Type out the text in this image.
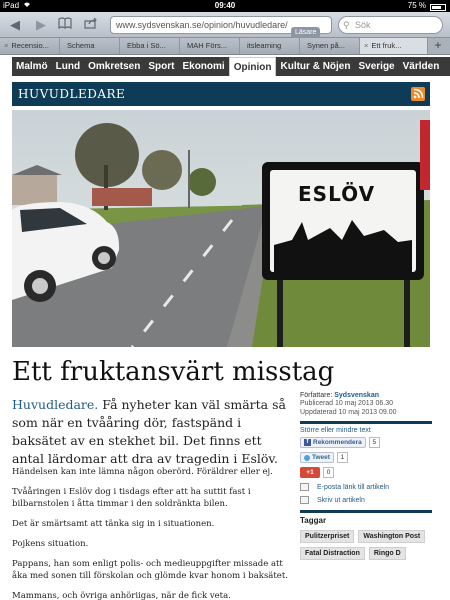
iPad	09:40	75 %
◀ ▶	www.sydsvenskan.se/opinion/huvudledare/
Läsare
⚲ Sök
× Recensio...	Schema	Ebba i Sö...	MAH Förs...	itslearning	Synen på...	× Ett fruk...	+
Malmö Lund Omkretsen Sport Ekonomi Opinion Kultur & Nöjen Sverige Världen
HUVUDLEDARE
ESLÖV
Ett fruktansvärt misstag

Huvudledare. Få nyheter kan väl smärta så som när en tvååring dör, fastspänd i baksätet av en stekhet bil. Det finns ett antal lärdomar att dra av tragedin i Eslöv.

Händelsen kan inte lämna någon oberörd. Föräldrer eller ej.

Tvååringen i Eslöv dog i tisdags efter att ha suttit fast i bilbarnstolen i åtta timmar i den soldränkta bilen.

Det är smärtsamt att tänka sig in i situationen.

Pojkens situation.

Pappans, han som enligt polis- och medieuppgifter missade att åka med sonen till förskolan och glömde kvar honom i baksätet.

Mammans, och övriga anhöriigas, när de fick veta.

Författare: Sydsvenskan
Publicerad 10 maj 2013 06.30
Uppdaterad 10 maj 2013 09.00
Större eller mindre text
f Rekommendera	5
Tweet	1
+1	0
E-posta länk till artikeln
Skriv ut artikeln
Taggar
Pulitzerpriset	Washington Post
Fatal Distraction	Ringo D
